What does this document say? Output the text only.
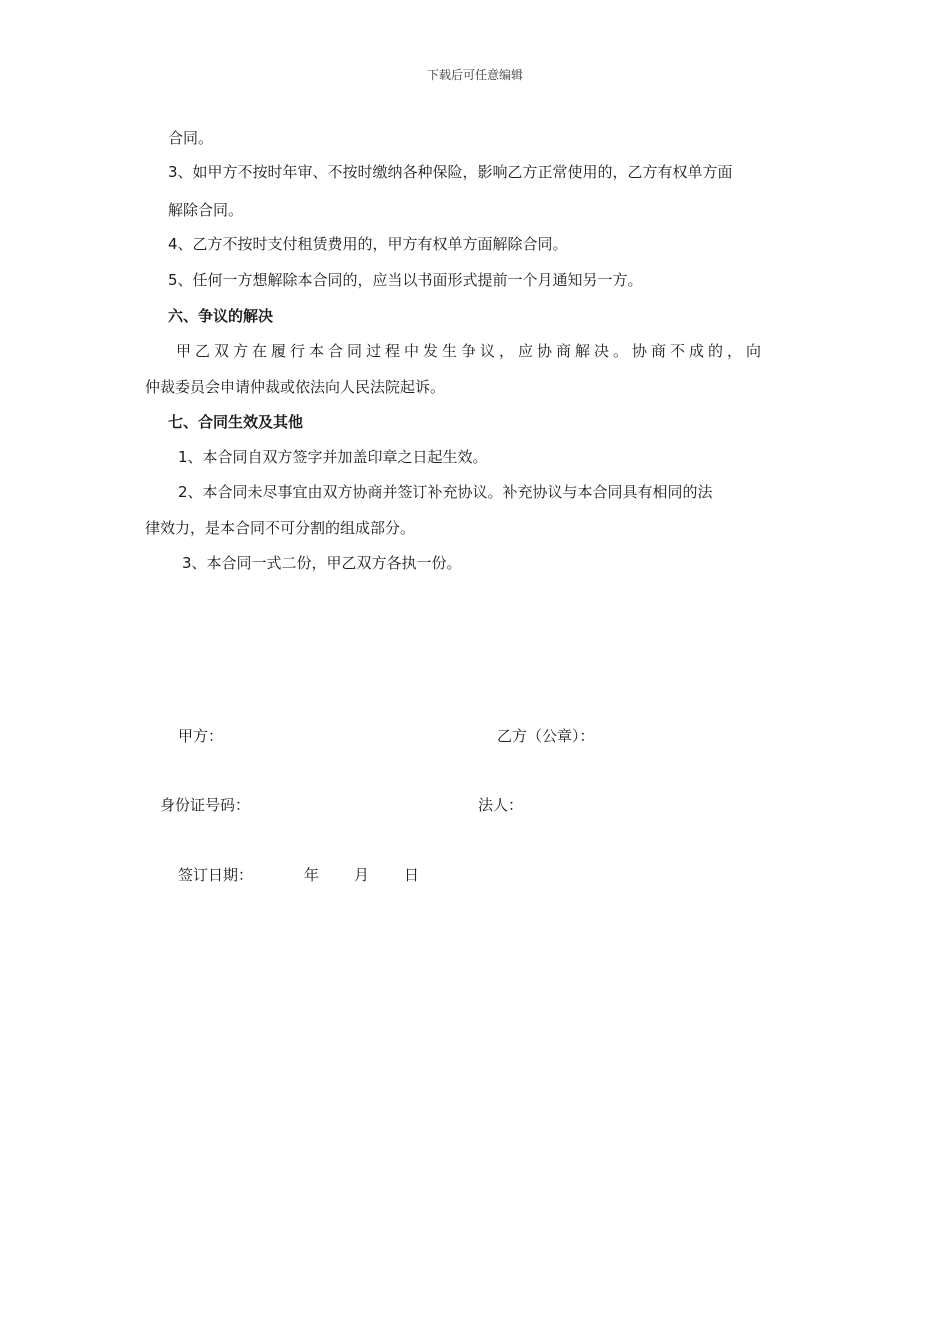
下载后可任意编辑
合同。
3、如甲方不按时年审、不按时缴纳各种保险，影响乙方正常使用的，乙方有权单方面
解除合同。
4、乙方不按时支付租赁费用的，甲方有权单方面解除合同。
5、任何一方想解除本合同的，应当以书面形式提前一个月通知另一方。
六、争议的解决
甲乙双方在履行本合同过程中发生争议，应协商解决。协商不成的，向
仲裁委员会申请仲裁或依法向人民法院起诉。
七、合同生效及其他
1、本合同自双方签字并加盖印章之日起生效。
2、本合同未尽事宜由双方协商并签订补充协议。补充协议与本合同具有相同的法
律效力，是本合同不可分割的组成部分。
3、本合同一式二份，甲乙双方各执一份。
甲方：	乙方（公章）：
身份证号码：	法人：
签订日期：	年 月 日
